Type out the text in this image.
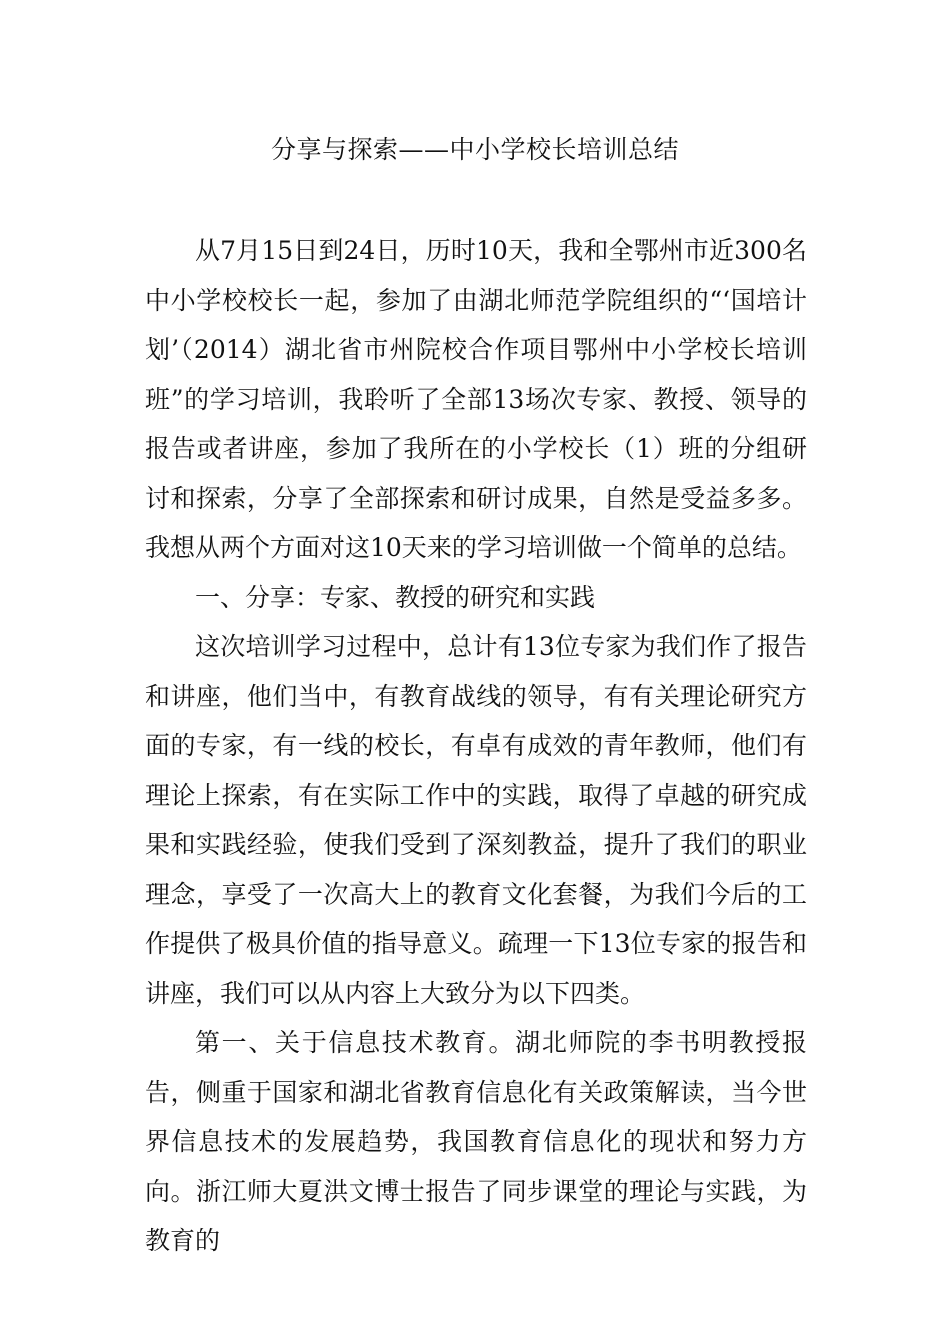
分享与探索——中小学校长培训总结

从7月15日到24日，历时10天，我和全鄂州市近300名中小学校校长一起，参加了由湖北师范学院组织的“‘国培计划’（2014）湖北省市州院校合作项目鄂州中小学校长培训班”的学习培训，我聆听了全部13场次专家、教授、领导的报告或者讲座，参加了我所在的小学校长（1）班的分组研讨和探索，分享了全部探索和研讨成果，自然是受益多多。我想从两个方面对这10天来的学习培训做一个简单的总结。

一、分享：专家、教授的研究和实践

这次培训学习过程中，总计有13位专家为我们作了报告和讲座，他们当中，有教育战线的领导，有有关理论研究方面的专家，有一线的校长，有卓有成效的青年教师，他们有理论上探索，有在实际工作中的实践，取得了卓越的研究成果和实践经验，使我们受到了深刻教益，提升了我们的职业理念，享受了一次高大上的教育文化套餐，为我们今后的工作提供了极具价值的指导意义。疏理一下13位专家的报告和讲座，我们可以从内容上大致分为以下四类。

第一、关于信息技术教育。湖北师院的李书明教授报告，侧重于国家和湖北省教育信息化有关政策解读，当今世界信息技术的发展趋势，我国教育信息化的现状和努力方向。浙江师大夏洪文博士报告了同步课堂的理论与实践，为教育的
